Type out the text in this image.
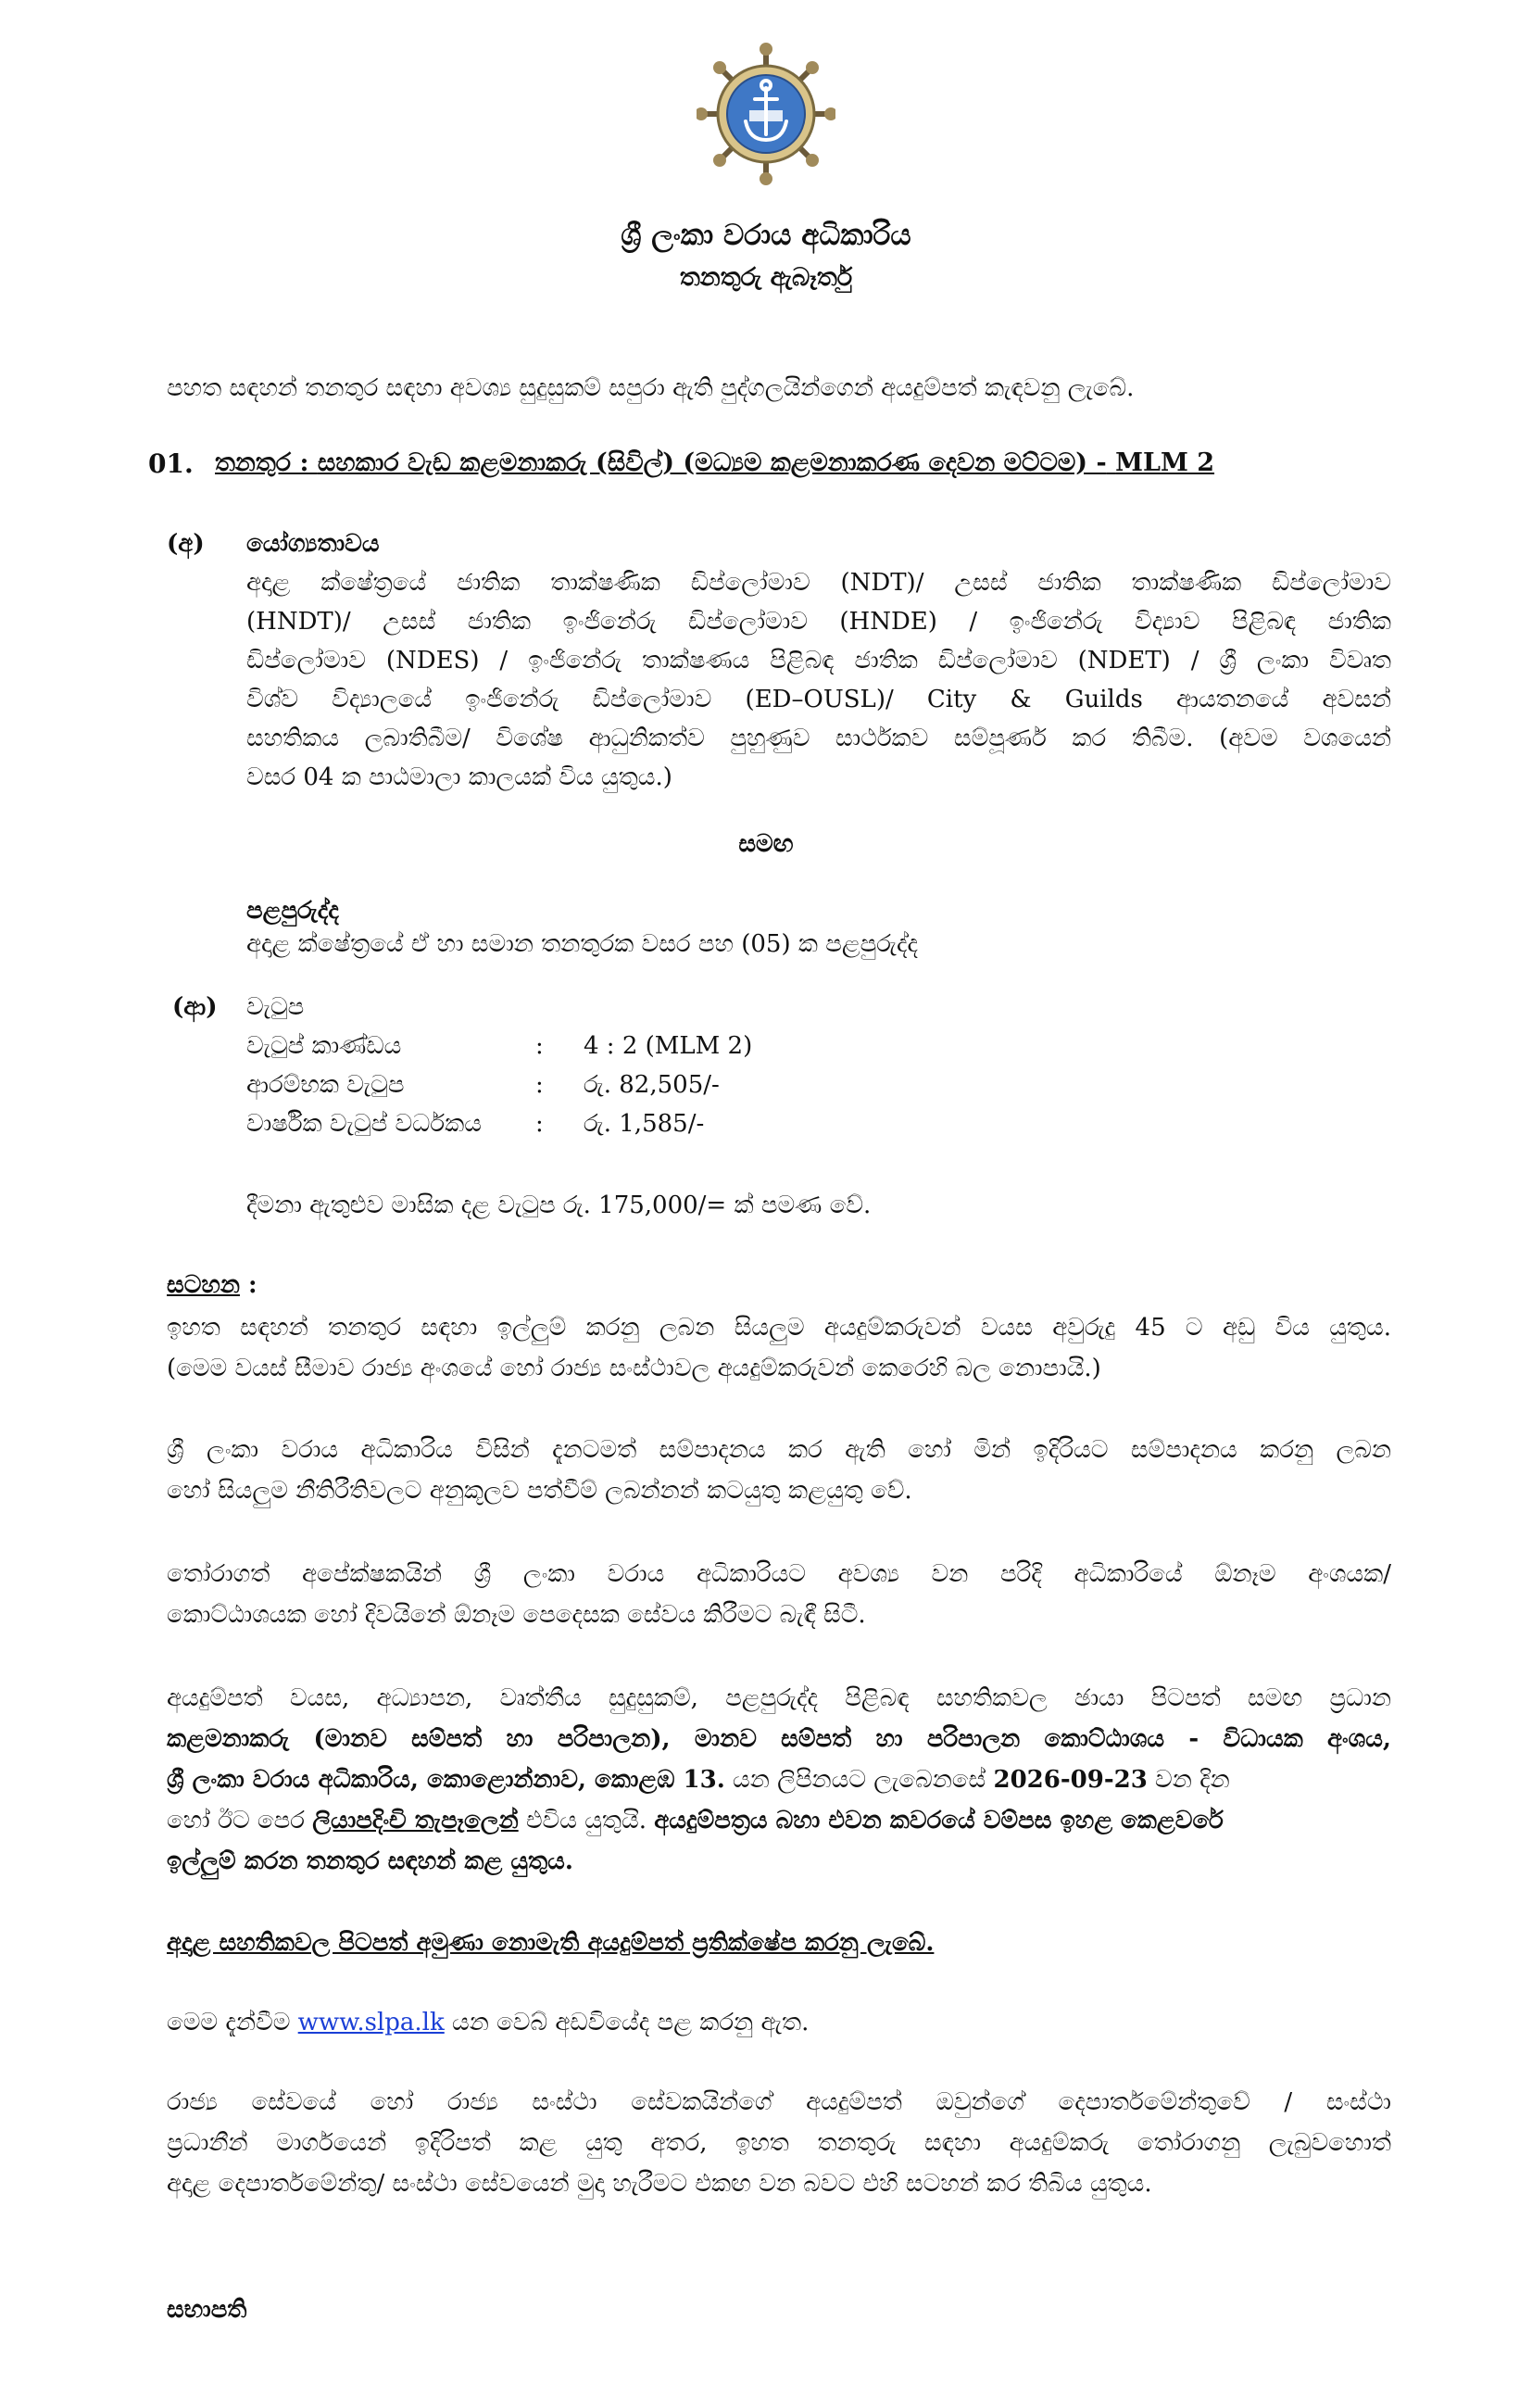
ශ්‍රී ලංකා වරාය අධිකාරිය
තනතුරු ඇබෑර්තු
පහත සඳහන් තනතුර සඳහා අවශ්‍ය සුදුසුකම් සපුරා ඇති පුද්ගලයින්ගෙන් අයදුම්පත් කැඳවනු ලැබේ.
01. තනතුර : සහකාර වැඩ කළමනාකරු (සිවිල්) (මධ්‍යම කළමනාකරණ දෙවන මට්ටම) - MLM 2
(අ) යෝග්‍යතාවය
අදාළ ක්ෂේත්‍රයේ ජාතික තාක්ෂණික ඩිප්ලෝමාව (NDT)/ උසස් ජාතික තාක්ෂණික ඩිප්ලෝමාව
(HNDT)/ උසස් ජාතික ඉංජිනේරු ඩිප්ලෝමාව (HNDE) / ඉංජිනේරු විද්‍යාව පිළිබඳ ජාතික
ඩිප්ලෝමාව (NDES) / ඉංජිනේරු තාක්ෂණය පිළිබඳ ජාතික ඩිප්ලෝමාව (NDET) / ශ්‍රී ලංකා විවෘත
විශ්ව විද්‍යාලයේ ඉංජිනේරු ඩිප්ලෝමාව (ED–OUSL)/ City & Guilds ආයතනයේ අවසන්
සහතිකය ලබාතිබීම/ විශේෂ ආධුනිකත්ව පුහුණුව සාර්ථකව සම්පූර්ණ කර තිබීම. (අවම වශයෙන්
වසර 04 ක පාඨමාලා කාලයක් විය යුතුය.)
සමඟ
පළපුරුද්ද
අදාළ ක්ෂේත්‍රයේ ඒ හා සමාන තනතුරක වසර පහ (05) ක පළපුරුද්ද
(ආ) වැටුප
වැටුප් කාණ්ඩය	: 4 : 2 (MLM 2)
ආරම්භක වැටුප	: රු. 82,505/-
වාර්ෂික වැටුප් වර්ධකය : රු. 1,585/-
දීමනා ඇතුළුව මාසික දළ වැටුප රු. 175,000/= ක් පමණ වේ.
සටහන :
ඉහත සඳහන් තනතුර සඳහා ඉල්ලුම් කරනු ලබන සියලුම අයදුම්කරුවන් වයස අවුරුදු 45 ට අඩු විය යුතුය.
(මෙම වයස් සීමාව රාජ්‍ය අංශයේ හෝ රාජ්‍ය සංස්ථාවල අයදුම්කරුවන් කෙරෙහි බල නොපායි.)
ශ්‍රී ලංකා වරාය අධිකාරිය විසින් දැනටමත් සම්පාදනය කර ඇති හෝ මින් ඉදිරියට සම්පාදනය කරනු ලබන
හෝ සියලුම නීතිරීතිවලට අනුකූලව පත්වීම් ලබන්නන් කටයුතු කළයුතු වේ.
තෝරාගත් අපේක්ෂකයින් ශ්‍රී ලංකා වරාය අධිකාරියට අවශ්‍ය වන පරිදි අධිකාරියේ ඕනෑම අංශයක/
කොට්ඨාශයක හෝ දිවයිනේ ඕනෑම පෙදෙසක සේවය කිරීමට බැඳී සිටී.
අයදුම්පත් වයස, අධ්‍යාපන, වෘත්තීය සුදුසුකම්, පළපුරුද්ද පිළිබඳ සහතිකවල ඡායා පිටපත් සමඟ ප්‍රධාන
කළමනාකරු (මානව සම්පත් හා පරිපාලන), මානව සම්පත් හා පරිපාලන කොට්ඨාශය - විධායක අංශය,
ශ්‍රී ලංකා වරාය අධිකාරිය, කොළොන්නාව, කොළඹ 13. යන ලිපිනයට ලැබෙනසේ 2026-09-23 වන දින
හෝ ඊට පෙර ලියාපදිංචි තැපෑලෙන් එවිය යුතුයි. අයදුම්පත්‍රය බහා එවන කවරයේ වම්පස ඉහළ කෙළවරේ
ඉල්ලුම් කරන තනතුර සඳහන් කළ යුතුය.
අදාළ සහතිකවල පිටපත් අමුණා නොමැති අයදුම්පත් ප්‍රතික්ෂේප කරනු ලැබේ.
මෙම දැන්වීම www.slpa.lk යන වෙබ් අඩවියේද පළ කරනු ඇත.
රාජ්‍ය සේවයේ හෝ රාජ්‍ය සංස්ථා සේවකයින්ගේ අයදුම්පත් ඔවුන්ගේ දෙපාර්තමේන්තුවේ / සංස්ථා
ප්‍රධානීන් මාර්ගයෙන් ඉදිරිපත් කළ යුතු අතර, ඉහත තනතුරු සඳහා අයදුම්කරු තෝරාගනු ලැබුවහොත්
අදාළ දෙපාර්තමේන්තු/ සංස්ථා සේවයෙන් මුදා හැරීමට එකඟ වන බවට එහි සටහන් කර තිබිය යුතුය.
සභාපති
